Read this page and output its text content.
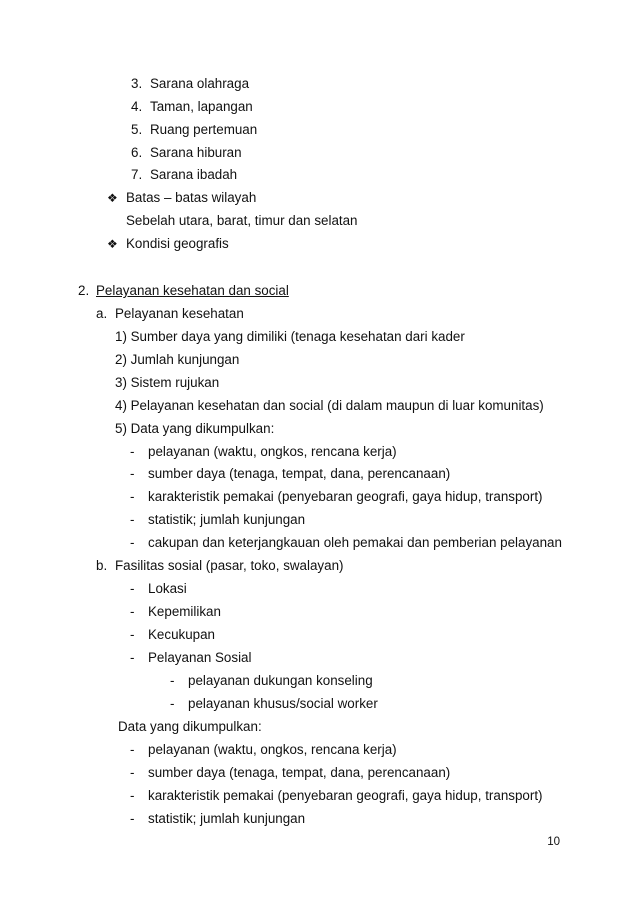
3. Sarana olahraga
4. Taman, lapangan
5. Ruang pertemuan
6. Sarana hiburan
7. Sarana ibadah
❖ Batas – batas wilayah
Sebelah utara, barat, timur dan selatan
❖ Kondisi geografis
2. Pelayanan kesehatan dan social
a. Pelayanan kesehatan
1) Sumber daya yang dimiliki (tenaga kesehatan dari kader
2) Jumlah kunjungan
3) Sistem rujukan
4) Pelayanan kesehatan dan social (di dalam maupun di luar komunitas)
5) Data yang dikumpulkan:
- pelayanan (waktu, ongkos, rencana kerja)
- sumber daya (tenaga, tempat, dana, perencanaan)
- karakteristik pemakai (penyebaran geografi, gaya hidup, transport)
- statistik; jumlah kunjungan
- cakupan dan keterjangkauan oleh pemakai dan pemberian pelayanan
b. Fasilitas sosial (pasar, toko, swalayan)
- Lokasi
- Kepemilikan
- Kecukupan
- Pelayanan Sosial
- pelayanan dukungan konseling
- pelayanan khusus/social worker
Data yang dikumpulkan:
- pelayanan (waktu, ongkos, rencana kerja)
- sumber daya (tenaga, tempat, dana, perencanaan)
- karakteristik pemakai (penyebaran geografi, gaya hidup, transport)
- statistik; jumlah kunjungan
10
